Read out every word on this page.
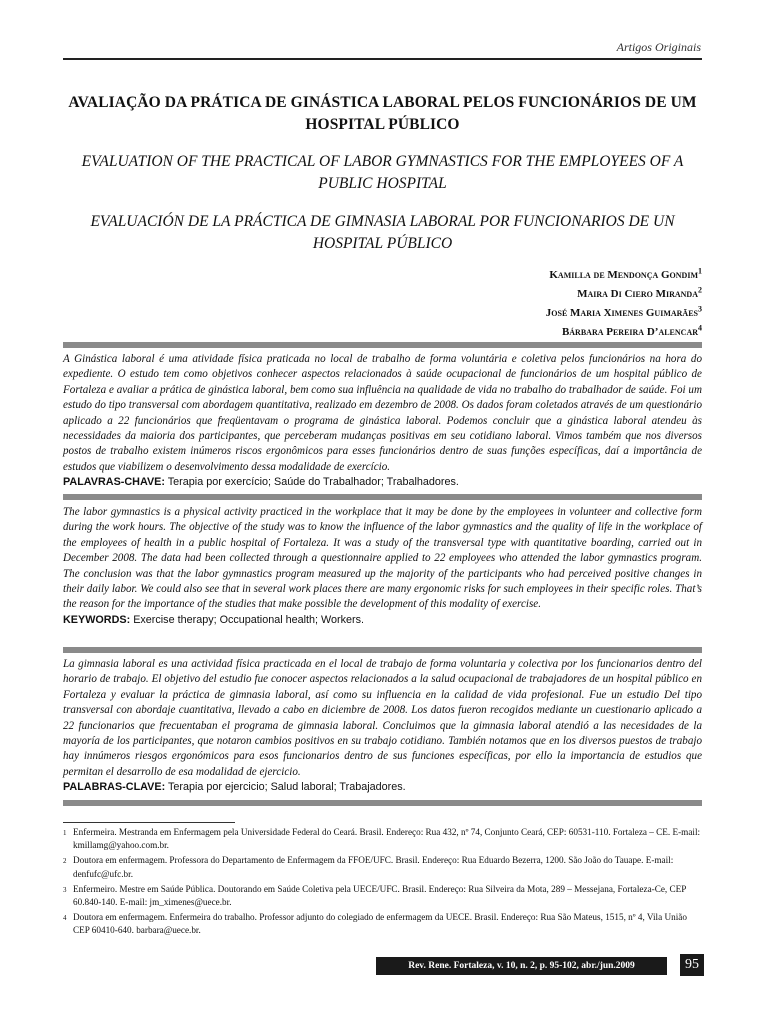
Artigos Originais
AVALIAÇÃO DA PRÁTICA DE GINÁSTICA LABORAL PELOS FUNCIONÁRIOS DE UM HOSPITAL PÚBLICO
EVALUATION OF THE PRACTICAL OF LABOR GYMNASTICS FOR THE EMPLOYEES OF A PUBLIC HOSPITAL
EVALUACIÓN DE LA PRÁCTICA DE GIMNASIA LABORAL POR FUNCIONARIOS DE UN HOSPITAL PÚBLICO
Kamilla de Mendonça Gondim$^1$
Maira Di Ciero Miranda$^2$
José Maria Ximenes Guimarães$^3$
Bárbara Pereira D’alencar$^4$
A Ginástica laboral é uma atividade física praticada no local de trabalho de forma voluntária e coletiva pelos funcionários na hora do expediente. O estudo tem como objetivos conhecer aspectos relacionados à saúde ocupacional de funcionários de um hospital público de Fortaleza e avaliar a prática de ginástica laboral, bem como sua influência na qualidade de vida no trabalho do trabalhador de saúde. Foi um estudo do tipo transversal com abordagem quantitativa, realizado em dezembro de 2008. Os dados foram coletados através de um questionário aplicado a 22 funcionários que freqüentavam o programa de ginástica laboral. Podemos concluir que a ginástica laboral atendeu às necessidades da maioria dos participantes, que perceberam mudanças positivas em seu cotidiano laboral. Vimos também que nos diversos postos de trabalho existem inúmeros riscos ergonômicos para esses funcionários dentro de suas funções específicas, daí a importância de estudos que viabilizem o desenvolvimento dessa modalidade de exercício.
PALAVRAS-CHAVE: Terapia por exercício; Saúde do Trabalhador; Trabalhadores.
The labor gymnastics is a physical activity practiced in the workplace that it may be done by the employees in volunteer and collective form during the work hours. The objective of the study was to know the influence of the labor gymnastics and the quality of life in the workplace of the employees of health in a public hospital of Fortaleza. It was a study of the transversal type with quantitative boarding, carried out in December 2008. The data had been collected through a questionnaire applied to 22 employees who attended the labor gymnastics program. The conclusion was that the labor gymnastics program measured up the majority of the participants who had perceived positive changes in their daily labor. We could also see that in several work places there are many ergonomic risks for such employees in their specific roles. That’s the reason for the importance of the studies that make possible the development of this modality of exercise.
KEYWORDS: Exercise therapy; Occupational health; Workers.
La gimnasia laboral es una actividad física practicada en el local de trabajo de forma voluntaria y colectiva por los funcionarios dentro del horario de trabajo. El objetivo del estudio fue conocer aspectos relacionados a la salud ocupacional de trabajadores de un hospital público en Fortaleza y evaluar la práctica de gimnasia laboral, así como su influencia en la calidad de vida profesional. Fue un estudio Del tipo transversal con abordaje cuantitativa, llevado a cabo en diciembre de 2008. Los datos fueron recogidos mediante un cuestionario aplicado a 22 funcionarios que frecuentaban el programa de gimnasia laboral. Concluimos que la gimnasia laboral atendió a las necesidades de la mayoría de los participantes, que notaron cambios positivos en su trabajo cotidiano. También notamos que en los diversos puestos de trabajo hay innúmeros riesgos ergonómicos para esos funcionarios dentro de sus funciones específicas, por ello la importancia de estudios que permitan el desarrollo de esa modalidad de ejercicio.
PALABRAS-CLAVE: Terapia por ejercicio; Salud laboral; Trabajadores.
1 Enfermeira. Mestranda em Enfermagem pela Universidade Federal do Ceará. Brasil. Endereço: Rua 432, nº 74, Conjunto Ceará, CEP: 60531-110. Fortaleza – CE. E-mail: kmillamg@yahoo.com.br.
2 Doutora em enfermagem. Professora do Departamento de Enfermagem da FFOE/UFC. Brasil. Endereço: Rua Eduardo Bezerra, 1200. São João do Tauape. E-mail: denfufc@ufc.br.
3 Enfermeiro. Mestre em Saúde Pública. Doutorando em Saúde Coletiva pela UECE/UFC. Brasil. Endereço: Rua Silveira da Mota, 289 – Messejana, Fortaleza-Ce, CEP 60.840-140. E-mail: jm_ximenes@uece.br.
4 Doutora em enfermagem. Enfermeira do trabalho. Professor adjunto do colegiado de enfermagem da UECE. Brasil. Endereço: Rua São Mateus, 1515, nº 4, Vila União CEP 60410-640. barbara@uece.br.
Rev. Rene. Fortaleza, v. 10, n. 2, p. 95-102, abr./jun.2009	95
